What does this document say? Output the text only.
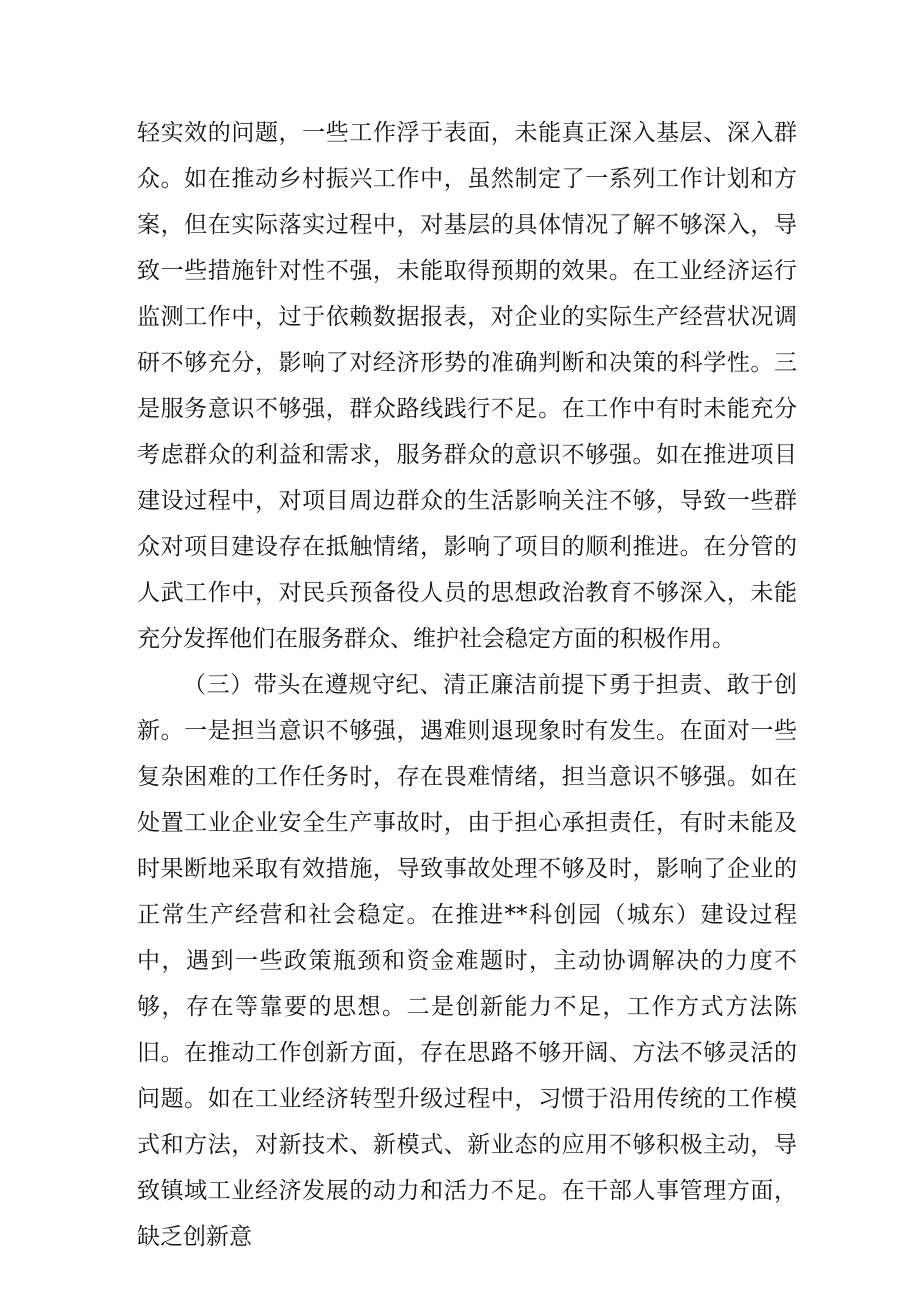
轻实效的问题，一些工作浮于表面，未能真正深入基层、深入群众。如在推动乡村振兴工作中，虽然制定了一系列工作计划和方案，但在实际落实过程中，对基层的具体情况了解不够深入，导致一些措施针对性不强，未能取得预期的效果。在工业经济运行监测工作中，过于依赖数据报表，对企业的实际生产经营状况调研不够充分，影响了对经济形势的准确判断和决策的科学性。三是服务意识不够强，群众路线践行不足。在工作中有时未能充分考虑群众的利益和需求，服务群众的意识不够强。如在推进项目建设过程中，对项目周边群众的生活影响关注不够，导致一些群众对项目建设存在抵触情绪，影响了项目的顺利推进。在分管的人武工作中，对民兵预备役人员的思想政治教育不够深入，未能充分发挥他们在服务群众、维护社会稳定方面的积极作用。

（三）带头在遵规守纪、清正廉洁前提下勇于担责、敢于创新。一是担当意识不够强，遇难则退现象时有发生。在面对一些复杂困难的工作任务时，存在畏难情绪，担当意识不够强。如在处置工业企业安全生产事故时，由于担心承担责任，有时未能及时果断地采取有效措施，导致事故处理不够及时，影响了企业的正常生产经营和社会稳定。在推进**科创园（城东）建设过程中，遇到一些政策瓶颈和资金难题时，主动协调解决的力度不够，存在等靠要的思想。二是创新能力不足，工作方式方法陈旧。在推动工作创新方面，存在思路不够开阔、方法不够灵活的问题。如在工业经济转型升级过程中，习惯于沿用传统的工作模式和方法，对新技术、新模式、新业态的应用不够积极主动，导致镇域工业经济发展的动力和活力不足。在干部人事管理方面，缺乏创新意
